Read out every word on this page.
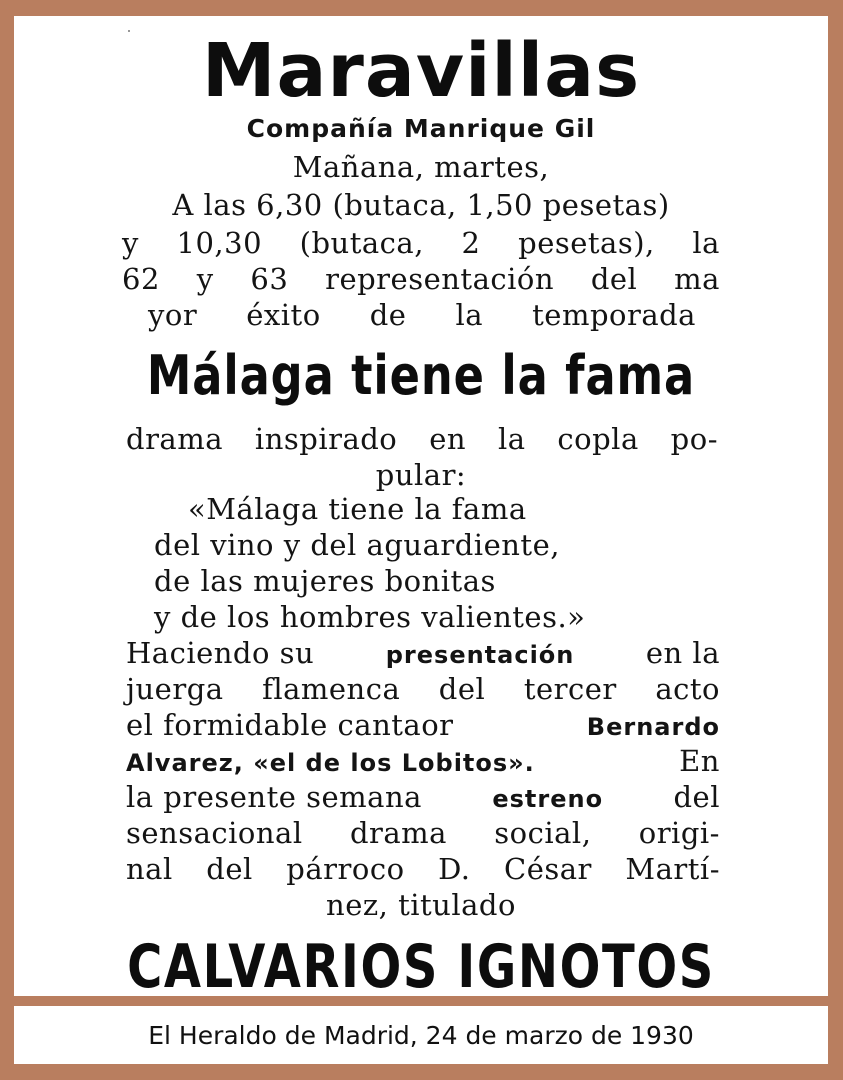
Maravillas
Compañía Manrique Gil
Mañana, martes,
A las 6,30 (butaca, 1,50 pesetas)
y 10,30 (butaca, 2 pesetas), la
62 y 63 representación del ma
yor éxito de la temporada
Málaga tiene la fama
drama inspirado en la copla po-
pular:
«Málaga tiene la fama
del vino y del aguardiente,
de las mujeres bonitas
y de los hombres valientes.»
Haciendo su	presentación en la
juerga flamenca del tercer acto
el formidable cantaor	Bernardo
Alvarez, «el de los Lobitos».	En
la presente semana	estreno del
sensacional drama social, origi-
nal del párroco D. César Martí-
nez, titulado
CALVARIOS IGNOTOS
El Heraldo de Madrid, 24 de marzo de 1930
